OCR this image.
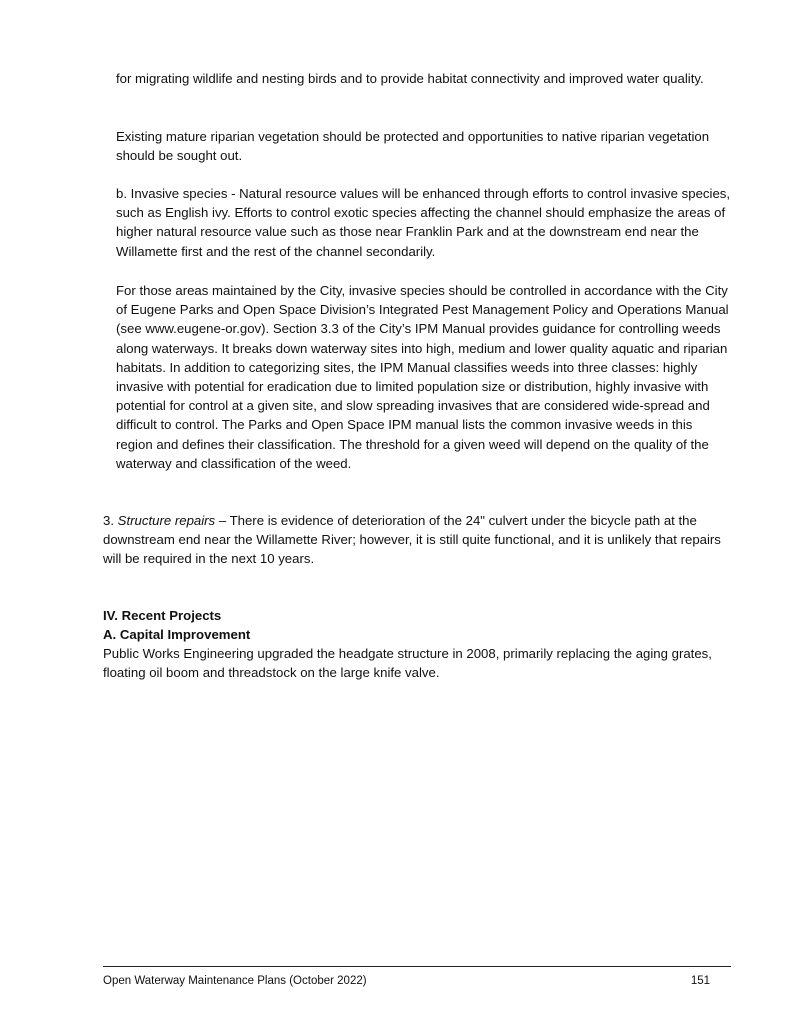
for migrating wildlife and nesting birds and to provide habitat connectivity and improved water quality.

Existing mature riparian vegetation should be protected and opportunities to native riparian vegetation should be sought out.

b. Invasive species - Natural resource values will be enhanced through efforts to control invasive species, such as English ivy. Efforts to control exotic species affecting the channel should emphasize the areas of higher natural resource value such as those near Franklin Park and at the downstream end near the Willamette first and the rest of the channel secondarily.

For those areas maintained by the City, invasive species should be controlled in accordance with the City of Eugene Parks and Open Space Division’s Integrated Pest Management Policy and Operations Manual (see www.eugene-or.gov). Section 3.3 of the City’s IPM Manual provides guidance for controlling weeds along waterways. It breaks down waterway sites into high, medium and lower quality aquatic and riparian habitats. In addition to categorizing sites, the IPM Manual classifies weeds into three classes: highly invasive with potential for eradication due to limited population size or distribution, highly invasive with potential for control at a given site, and slow spreading invasives that are considered wide-spread and difficult to control. The Parks and Open Space IPM manual lists the common invasive weeds in this region and defines their classification. The threshold for a given weed will depend on the quality of the waterway and classification of the weed.

3. Structure repairs – There is evidence of deterioration of the 24" culvert under the bicycle path at the downstream end near the Willamette River; however, it is still quite functional, and it is unlikely that repairs will be required in the next 10 years.

IV. Recent Projects
A. Capital Improvement

Public Works Engineering upgraded the headgate structure in 2008, primarily replacing the aging grates, floating oil boom and threadstock on the large knife valve.

Open Waterway Maintenance Plans (October 2022)	151
